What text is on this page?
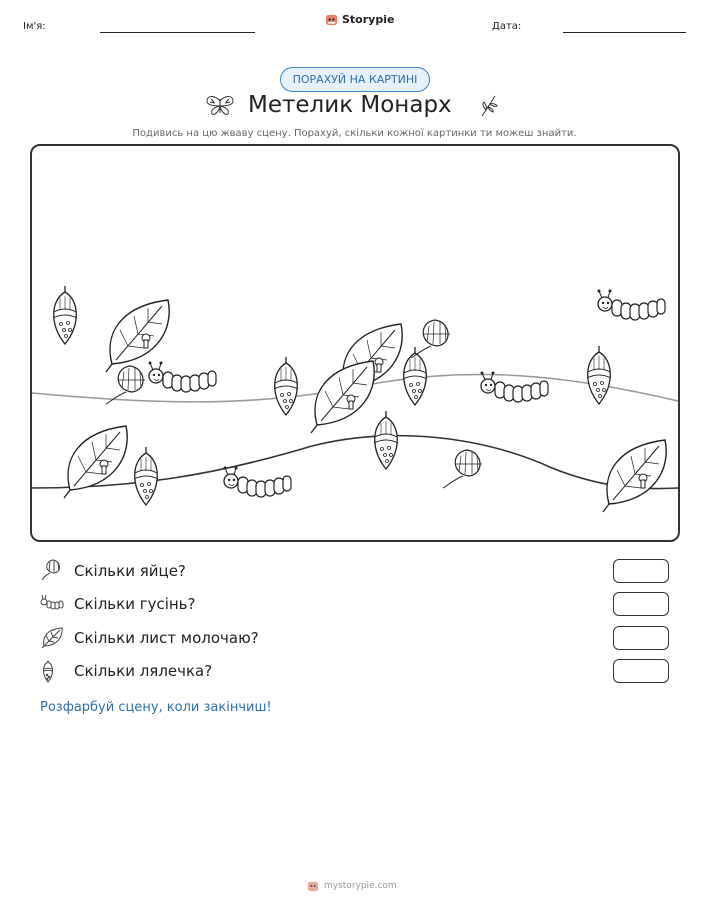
Ім'я:
Storypie
Дата:
ПОРАХУЙ НА КАРТИНІ
Метелик Монарх
Подивись на цю жваву сцену. Порахуй, скільки кожної картинки ти можеш знайти.
Скільки яйце?
Скільки гусінь?
Скільки лист молочаю?
Скільки лялечка?
Розфарбуй сцену, коли закінчиш!
mystorypie.com
